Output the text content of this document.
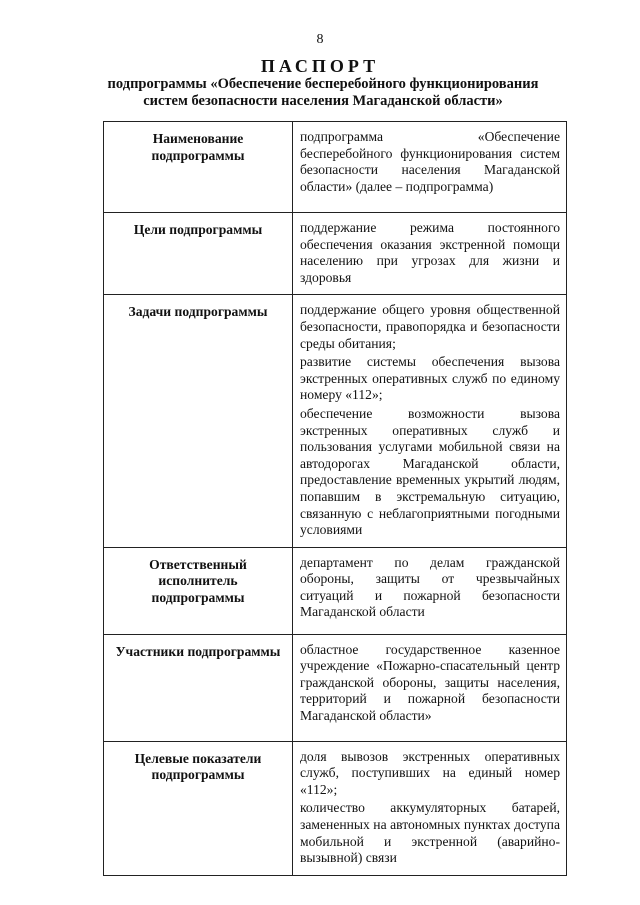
8
ПАСПОРТ
подпрограммы «Обеспечение бесперебойного функционирования систем безопасности населения Магаданской области»
Наименование подпрограммы	подпрограмма «Обеспечение бесперебойного функционирования систем безопасности населения Магаданской области» (далее – подпрограмма)

Цели подпрограммы	поддержание режима постоянного обеспечения оказания экстренной помощи населению при угрозах для жизни и здоровья

Задачи подпрограммы	поддержание общего уровня общественной безопасности, правопорядка и безопасности среды обитания;

развитие системы обеспечения вызова экстренных оперативных служб по единому номеру «112»;

обеспечение возможности вызова экстренных оперативных служб и пользования услугами мобильной связи на автодорогах Магаданской области, предоставление временных укрытий людям, попавшим в экстремальную ситуацию, связанную с неблагоприятными погодными условиями

Ответственный исполнитель подпрограммы	департамент по делам гражданской обороны, защиты от чрезвычайных ситуаций и пожарной безопасности Магаданской области

Участники подпрограммы	областное государственное казенное учреждение «Пожарно-спасательный центр гражданской обороны, защиты населения, территорий и пожарной безопасности Магаданской области»

Целевые показатели подпрограммы	доля вывозов экстренных оперативных служб, поступивших на единый номер «112»;

количество аккумуляторных батарей, замененных на автономных пунктах доступа мобильной и экстренной (аварийно-вызывной) связи
